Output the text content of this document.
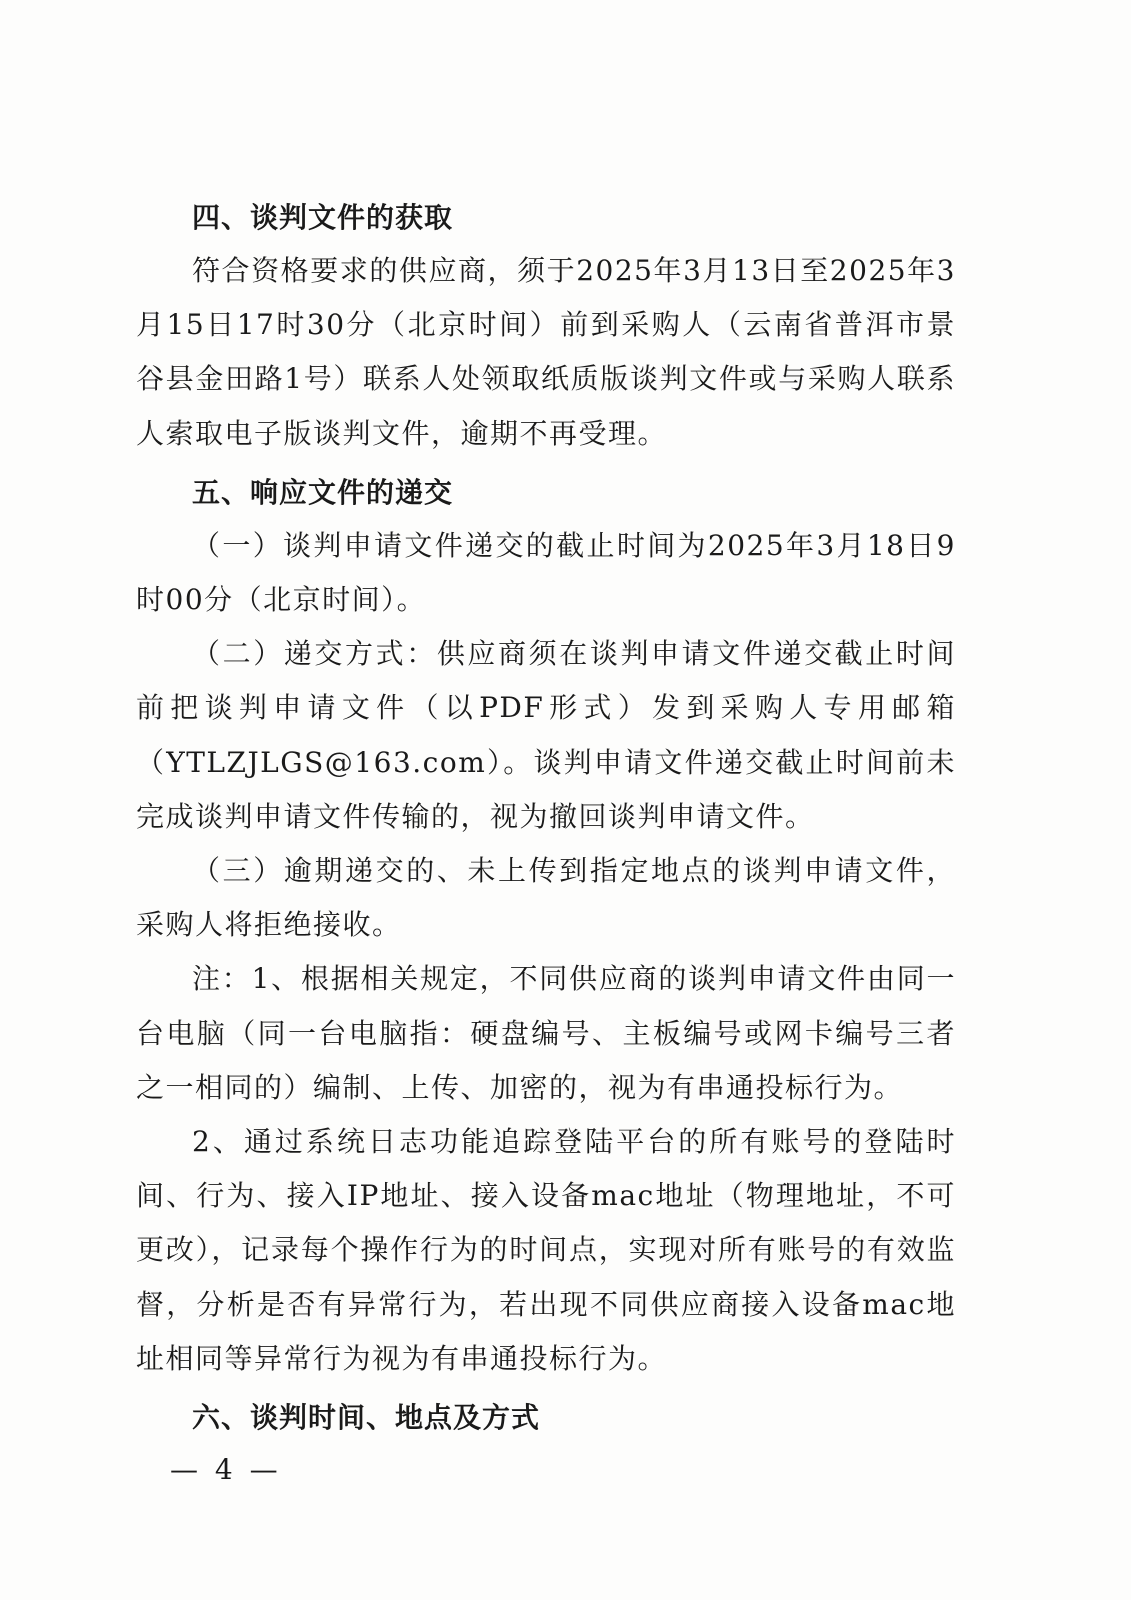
四、谈判文件的获取

符合资格要求的供应商，须于2025年3月13日至2025年3月15日17时30分（北京时间）前到采购人（云南省普洱市景谷县金田路1号）联系人处领取纸质版谈判文件或与采购人联系人索取电子版谈判文件，逾期不再受理。

五、响应文件的递交

（一）谈判申请文件递交的截止时间为2025年3月18日9时00分（北京时间）。

（二）递交方式：供应商须在谈判申请文件递交截止时间前把谈判申请文件（以PDF形式）发到采购人专用邮箱（YTLZJLGS@163.com）。谈判申请文件递交截止时间前未完成谈判申请文件传输的，视为撤回谈判申请文件。

（三）逾期递交的、未上传到指定地点的谈判申请文件，采购人将拒绝接收。

注：1、根据相关规定，不同供应商的谈判申请文件由同一台电脑（同一台电脑指：硬盘编号、主板编号或网卡编号三者之一相同的）编制、上传、加密的，视为有串通投标行为。

2、通过系统日志功能追踪登陆平台的所有账号的登陆时间、行为、接入IP地址、接入设备mac地址（物理地址，不可更改），记录每个操作行为的时间点，实现对所有账号的有效监督，分析是否有异常行为，若出现不同供应商接入设备mac地址相同等异常行为视为有串通投标行为。

六、谈判时间、地点及方式
— 4 —
